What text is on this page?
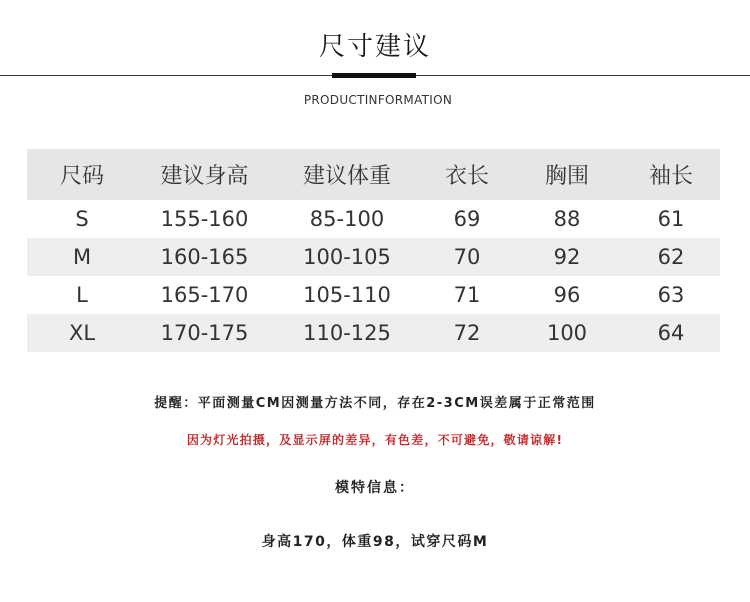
尺寸建议
PRODUCTINFORMATION
尺码	建议身高	建议体重	衣长	胸围	袖长
S	155-160	85-100	69	88	61
M	160-165	100-105	70	92	62
L	165-170	105-110	71	96	63
XL	170-175	110-125	72	100	64
提醒：平面测量CM因测量方法不同，存在2-3CM误差属于正常范围
因为灯光拍摄，及显示屏的差异，有色差，不可避免，敬请谅解!
模特信息：
身高170，体重98，试穿尺码M
